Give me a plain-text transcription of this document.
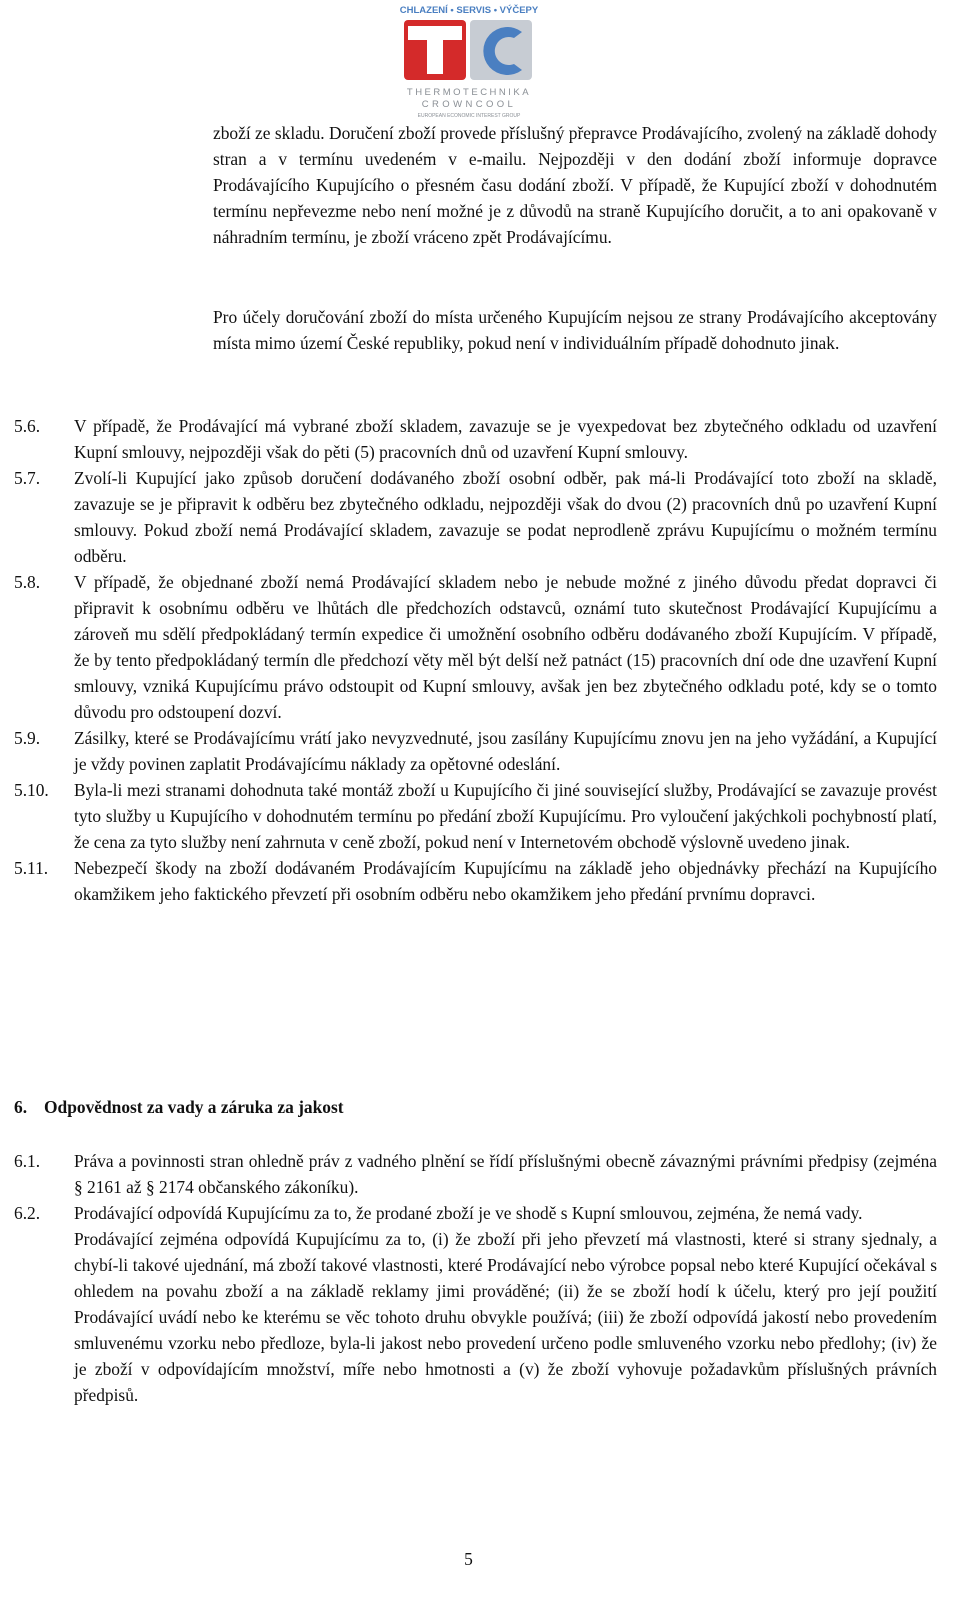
CHLAZENÍ • SERVIS • VÝČEPY
THERMOTECHNIKA
CROWNCOOL
EUROPEAN ECONOMIC INTEREST GROUP

zboží ze skladu. Doručení zboží provede příslušný přepravce Prodávajícího, zvolený na základě dohody stran a v termínu uvedeném v e-mailu. Nejpozději v den dodání zboží informuje dopravce Prodávajícího Kupujícího o přesném času dodání zboží. V případě, že Kupující zboží v dohodnutém termínu nepřevezme nebo není možné je z důvodů na straně Kupujícího doručit, a to ani opakovaně v náhradním termínu, je zboží vráceno zpět Prodávajícímu.

Pro účely doručování zboží do místa určeného Kupujícím nejsou ze strany Prodávajícího akceptovány místa mimo území České republiky, pokud není v individuálním případě dohodnuto jinak.

5.6.	V případě, že Prodávající má vybrané zboží skladem, zavazuje se je vyexpedovat bez zbytečného odkladu od uzavření Kupní smlouvy, nejpozději však do pěti (5) pracovních dnů od uzavření Kupní smlouvy.
5.7.	Zvolí-li Kupující jako způsob doručení dodávaného zboží osobní odběr, pak má-li Prodávající toto zboží na skladě, zavazuje se je připravit k odběru bez zbytečného odkladu, nejpozději však do dvou (2) pracovních dnů po uzavření Kupní smlouvy. Pokud zboží nemá Prodávající skladem, zavazuje se podat neprodleně zprávu Kupujícímu o možném termínu odběru.
5.8.	V případě, že objednané zboží nemá Prodávající skladem nebo je nebude možné z jiného důvodu předat dopravci či připravit k osobnímu odběru ve lhůtách dle předchozích odstavců, oznámí tuto skutečnost Prodávající Kupujícímu a zároveň mu sdělí předpokládaný termín expedice či umožnění osobního odběru dodávaného zboží Kupujícím. V případě, že by tento předpokládaný termín dle předchozí věty měl být delší než patnáct (15) pracovních dní ode dne uzavření Kupní smlouvy, vzniká Kupujícímu právo odstoupit od Kupní smlouvy, avšak jen bez zbytečného odkladu poté, kdy se o tomto důvodu pro odstoupení dozví.
5.9.	Zásilky, které se Prodávajícímu vrátí jako nevyzvednuté, jsou zasílány Kupujícímu znovu jen na jeho vyžádání, a Kupující je vždy povinen zaplatit Prodávajícímu náklady za opětovné odeslání.
5.10.	Byla-li mezi stranami dohodnuta také montáž zboží u Kupujícího či jiné související služby, Prodávající se zavazuje provést tyto služby u Kupujícího v dohodnutém termínu po předání zboží Kupujícímu. Pro vyloučení jakýchkoli pochybností platí, že cena za tyto služby není zahrnuta v ceně zboží, pokud není v Internetovém obchodě výslovně uvedeno jinak.
5.11.	Nebezpečí škody na zboží dodávaném Prodávajícím Kupujícímu na základě jeho objednávky přechází na Kupujícího okamžikem jeho faktického převzetí při osobním odběru nebo okamžikem jeho předání prvnímu dopravci.
6. Odpovědnost za vady a záruka za jakost
6.1.	Práva a povinnosti stran ohledně práv z vadného plnění se řídí příslušnými obecně závaznými právními předpisy (zejména § 2161 až § 2174 občanského zákoníku).
6.2.	Prodávající odpovídá Kupujícímu za to, že prodané zboží je ve shodě s Kupní smlouvou, zejména, že nemá vady.
Prodávající zejména odpovídá Kupujícímu za to, (i) že zboží při jeho převzetí má vlastnosti, které si strany sjednaly, a chybí-li takové ujednání, má zboží takové vlastnosti, které Prodávající nebo výrobce popsal nebo které Kupující očekával s ohledem na povahu zboží a na základě reklamy jimi prováděné; (ii) že se zboží hodí k účelu, který pro její použití Prodávající uvádí nebo ke kterému se věc tohoto druhu obvykle používá; (iii) že zboží odpovídá jakostí nebo provedením smluvenému vzorku nebo předloze, byla-li jakost nebo provedení určeno podle smluveného vzorku nebo předlohy; (iv) že je zboží v odpovídajícím množství, míře nebo hmotnosti a (v) že zboží vyhovuje požadavkům příslušných právních předpisů.
5
